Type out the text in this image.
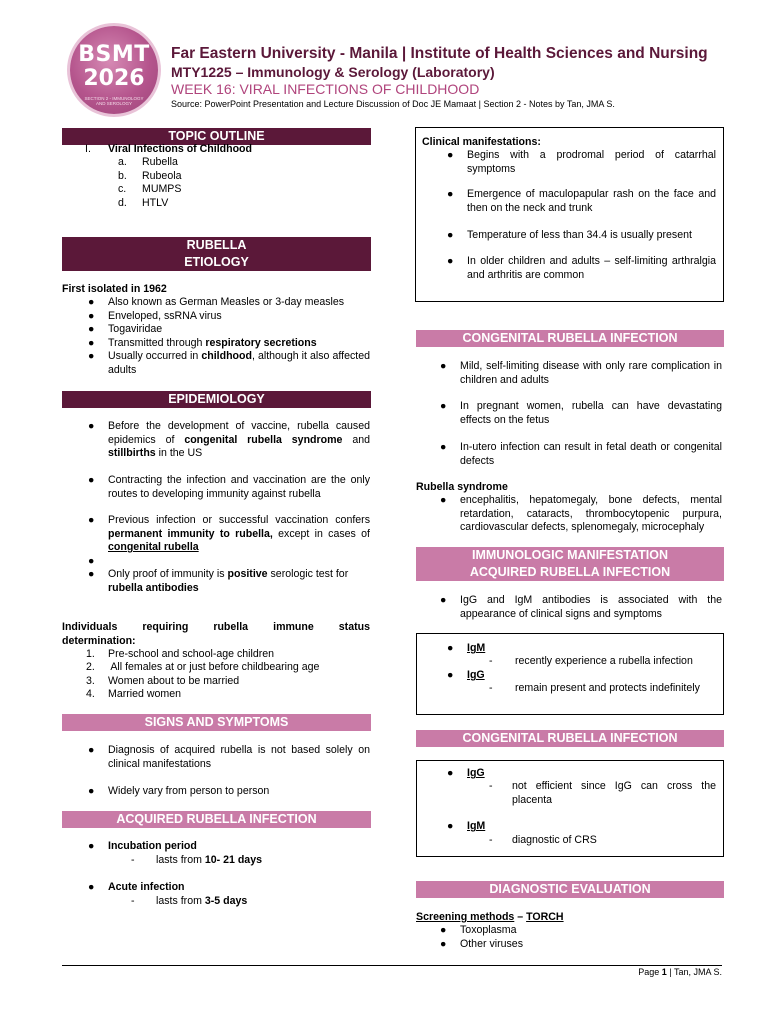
BSMT
2026
SECTION 2 - IMMUNOLOGY AND SEROLOGY
Far Eastern University - Manila | Institute of Health Sciences and Nursing
MTY1225 – Immunology & Serology (Laboratory)
WEEK 16: VIRAL INFECTIONS OF CHILDHOOD
Source: PowerPoint Presentation and Lecture Discussion of Doc JE Mamaat | Section 2 - Notes by Tan, JMA S.
TOPIC OUTLINE
I. Viral Infections of Childhood
a. Rubella
b. Rubeola
c. MUMPS
d. HTLV
RUBELLA
ETIOLOGY
First isolated in 1962
● Also known as German Measles or 3-day measles
● Enveloped, ssRNA virus
● Togaviridae
● Transmitted through respiratory secretions
● Usually occurred in childhood, although it also affected adults
EPIDEMIOLOGY
● Before the development of vaccine, rubella caused epidemics of congenital rubella syndrome and stillbirths in the US
● Contracting the infection and vaccination are the only routes to developing immunity against rubella
● Previous infection or successful vaccination confers permanent immunity to rubella, except in cases of congenital rubella
●
● Only proof of immunity is positive serologic test for rubella antibodies
Individuals requiring rubella immune status determination:
1. Pre-school and school-age children
2. All females at or just before childbearing age
3. Women about to be married
4. Married women
SIGNS AND SYMPTOMS
● Diagnosis of acquired rubella is not based solely on clinical manifestations
● Widely vary from person to person
ACQUIRED RUBELLA INFECTION
● Incubation period
- lasts from 10- 21 days
● Acute infection
- lasts from 3-5 days
Clinical manifestations:
● Begins with a prodromal period of catarrhal symptoms
● Emergence of maculopapular rash on the face and then on the neck and trunk
● Temperature of less than 34.4 is usually present
● In older children and adults – self-limiting arthralgia and arthritis are common
CONGENITAL RUBELLA INFECTION
● Mild, self-limiting disease with only rare complication in children and adults
● In pregnant women, rubella can have devastating effects on the fetus
● In-utero infection can result in fetal death or congenital defects
Rubella syndrome
● encephalitis, hepatomegaly, bone defects, mental retardation, cataracts, thrombocytopenic purpura, cardiovascular defects, splenomegaly, microcephaly
IMMUNOLOGIC MANIFESTATION
ACQUIRED RUBELLA INFECTION
● IgG and IgM antibodies is associated with the appearance of clinical signs and symptoms
● IgM
- recently experience a rubella infection
● IgG
- remain present and protects indefinitely
CONGENITAL RUBELLA INFECTION
● IgG
- not efficient since IgG can cross the placenta
● IgM
- diagnostic of CRS
DIAGNOSTIC EVALUATION
Screening methods – TORCH
● Toxoplasma
● Other viruses
Page 1 | Tan, JMA S.
